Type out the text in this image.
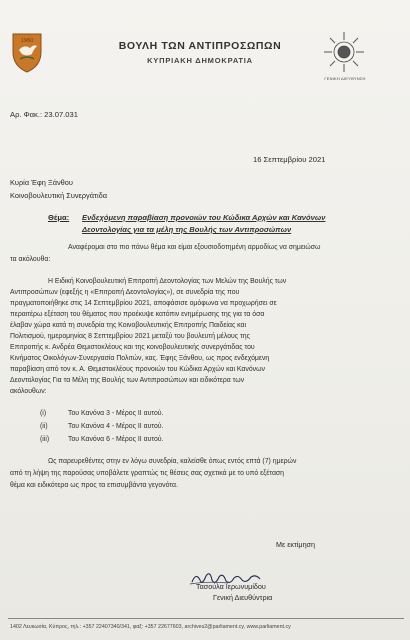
1960	ΒΟΥΛΗ ΤΩΝ ΑΝΤΙΠΡΟΣΩΠΩΝ
ΚΥΠΡΙΑΚΗ ΔΗΜΟΚΡΑΤΙΑ
ΓΕΝΙΚΗ ΔΙΕΥΘΥΝΣΗ
Αρ. Φακ.: 23.07.031
16 Σεπτεμβρίου 2021
Κυρία Έφη Ξάνθου
Κοινοβουλευτική Συνεργάτιδα
Θέμα: Ενδεχόμενη παραβίαση προνοιών του Κώδικα Αρχών και Κανόνων
Δεοντολογίας για τα μέλη της Βουλής των Αντιπροσώπων
Αναφέρομαι στο πιο πάνω θέμα και είμαι εξουσιοδοτημένη αρμοδίως να σημειώσω
τα ακόλουθα:
Η Ειδική Κοινοβουλευτική Επιτροπή Δεοντολογίας των Μελών της Βουλής των
Αντιπροσώπων (εφεξής η «Επιτροπή Δεοντολογίας»), σε συνεδρία της που
πραγματοποιήθηκε στις 14 Σεπτεμβρίου 2021, αποφάσισε ομόφωνα να προχωρήσει σε
περαιτέρω εξέταση του θέματος που προέκυψε κατόπιν ενημέρωσης της για τα όσα
έλαβαν χώρα κατά τη συνεδρία της Κοινοβουλευτικής Επιτροπής Παιδείας και
Πολιτισμού, ημερομηνίας 8 Σεπτεμβρίου 2021 μεταξύ του βουλευτή μέλους της
Επιτροπής κ. Ανδρέα Θεμιστοκλέους και της κοινοβουλευτικής συνεργάτιδας του
Κινήματος Οικολόγων-Συνεργασία Πολιτών, κας. Έφης Ξάνθου, ως προς ενδεχόμενη
παραβίαση από τον κ. Α. Θεμιστοκλέους προνοιών του Κώδικα Αρχών και Κανόνων
Δεοντολογίας Για τα Μέλη της Βουλής των Αντιπροσώπων και ειδικότερα των
ακόλουθων:
(i)	Του Κανόνα 3 - Μέρος ΙΙ αυτού.
(ii)	Του Κανόνα 4 - Μέρος ΙΙ αυτού.
(iii)	Του Κανόνα 6 - Μέρος ΙΙ αυτού.
Ως παρευρεθέντες στην εν λόγω συνεδρία, καλείσθε όπως εντός επτά (7) ημερών
από τη λήψη της παρούσας υποβάλετε γραπτώς τις θέσεις σας σχετικά με το υπό εξέταση
θέμα και ειδικότερα ως προς τα επισυμβάντα γεγονότα.
Με εκτίμηση
Τασούλα Ιερωνυμίδου
Γενική Διευθύντρια
1402 Λευκωσία, Κύπρος, τηλ.: +357 22407340/341, φαξ: +357 22677603, archives2@parliament.cy, www.parliament.cy
